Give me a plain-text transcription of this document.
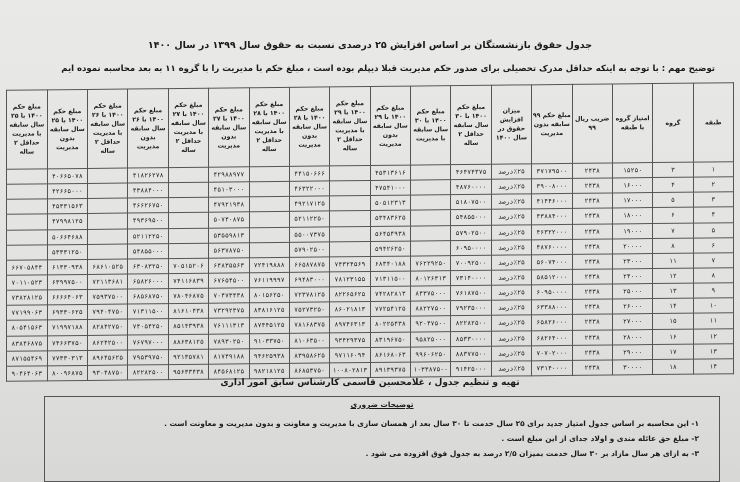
جدول حقوق بازنشستگان بر اساس افزایش ۲۵ درصدی نسبت به حقوق سال ۱۳۹۹ در سال ۱۴۰۰
توضیح مهم : با توجه به اینکه حداقل مدرک تحصیلی برای صدور حکم مدیریت قبلا دیپلم بوده است ، مبلغ حکم با مدیریت را با گروه ۱۱ به بعد محاسبه نموده ایم
طبقه	گروه	امتیاز گروه یا طبقه	ضریب ریال ۹۹	مبلغ حکم ۹۹ سابقه بدون مدیریت	میزان افزایش حقوق در سال ۱۴۰۰	مبلغ حکم ۱۴۰۰ با ۳۰ سال سابقه حداقل ۲ ساله	مبلغ حکم ۱۴۰۰ با ۳۰ سال سابقه با مدیریت	مبلغ حکم ۱۴۰۰ با ۲۹ سال سابقه بدون مدیریت	مبلغ حکم ۱۴۰۰ با ۲۹ سال سابقه با مدیریت حداقل ۲ ساله	مبلغ حکم ۱۴۰۰ با ۲۸ سال سابقه بدون مدیریت	مبلغ حکم ۱۴۰۰ با ۲۸ سال سابقه با مدیریت حداقل ۲ ساله	مبلغ حکم ۱۴۰۰ با ۲۷ سال سابقه بدون مدیریت	مبلغ حکم ۱۴۰۰ با ۲۷ سال سابقه با مدیریت حداقل ۲ ساله	مبلغ حکم ۱۴۰۰ با ۲۶ سال سابقه بدون مدیریت	مبلغ حکم ۱۴۰۰ با ۲۶ سال سابقه با مدیریت حداقل ۲ ساله	مبلغ حکم ۱۴۰۰ با ۲۵ سال سابقه بدون مدیریت	مبلغ حکم ۱۴۰۰ با ۲۵ سال سابقه با مدیریت حداقل ۲ ساله
۱	۳	۱۵۲۵۰	۲۴۳۸	۳۷۱۷۹۵۰۰	٪۲۵درصد	۴۶۴۷۴۳۷۵		۴۵۳۱۳۶۱۶		۴۴۱۵۰۶۶۶		۴۲۹۸۸۹۷۷		۴۱۸۲۶۲۷۸		۴۰۶۶۵۰۷۸	
۲	۴	۱۶۰۰۰	۲۴۳۸	۳۹۰۰۸۰۰۰	٪۲۵درصد	۴۸۷۶۰۰۰۰		۴۷۵۴۱۰۰۰		۴۶۳۲۲۰۰۰		۴۵۱۰۳۰۰۰		۴۳۸۸۴۰۰۰		۴۲۶۶۵۰۰۰	
۳	۵	۱۷۰۰۰	۲۴۳۸	۴۱۴۴۶۰۰۰	٪۲۵درصد	۵۱۸۰۷۵۰۰		۵۰۵۱۲۳۱۳		۴۹۲۱۷۱۲۵		۴۷۹۲۱۹۳۸		۴۶۶۲۶۷۵۰		۴۵۳۳۱۵۶۳	
۴	۶	۱۸۰۰۰	۲۴۳۸	۴۳۸۸۴۰۰۰	٪۲۵درصد	۵۴۸۵۵۰۰۰		۵۳۴۸۳۶۲۵		۵۲۱۱۲۲۵۰		۵۰۷۴۰۸۷۵		۴۹۳۶۹۵۰۰		۴۷۹۹۸۱۲۵	
۵	۷	۱۹۰۰۰	۲۴۳۸	۴۶۳۲۲۰۰۰	٪۲۵درصد	۵۷۹۰۲۵۰۰		۵۶۴۵۴۹۳۸		۵۵۰۰۷۳۷۵		۵۳۵۵۹۸۱۳		۵۲۱۱۲۲۵۰		۵۰۶۶۴۶۸۸	
۶	۸	۲۰۰۰۰	۲۴۳۸	۴۸۷۶۰۰۰۰	٪۲۵درصد	۶۰۹۵۰۰۰۰		۵۹۴۲۶۲۵۰		۵۷۹۰۲۵۰۰		۵۶۳۷۸۷۵۰		۵۴۸۵۵۰۰۰		۵۳۳۳۱۲۵۰	
۷	۱۱	۲۳۰۰۰	۲۴۳۸	۵۶۰۷۴۰۰۰	٪۲۵درصد	۷۰۰۹۲۵۰۰	۷۶۲۲۹۲۵۰	۶۸۳۴۰۱۸۸	۷۴۳۲۴۵۶۹	۶۶۵۸۷۸۷۵	۷۲۴۱۹۸۸۸	۶۴۸۳۵۵۶۳	۷۰۵۱۵۲۰۶	۶۳۰۸۳۲۵۰	۶۸۶۱۰۵۲۵	۶۱۳۳۰۹۳۸	۶۶۷۰۵۸۴۴
۸	۱۲	۲۴۰۰۰	۲۴۳۸	۵۸۵۱۲۰۰۰	٪۲۵درصد	۷۳۱۴۰۰۰۰	۸۰۱۲۶۳۱۳	۷۱۳۱۱۵۰۰	۷۸۱۲۳۱۵۵	۶۹۴۸۳۰۰۰	۷۶۱۱۹۹۹۷	۶۷۶۵۴۵۰۰	۷۴۱۱۶۸۳۹	۶۵۸۲۶۰۰۰	۷۲۱۱۳۶۸۱	۶۳۹۹۷۵۰۰	۷۰۱۱۰۵۲۳
۹	۱۳	۲۵۰۰۰	۲۴۳۸	۶۰۹۵۰۰۰۰	٪۲۵درصد	۷۶۱۸۷۵۰۰	۸۴۳۷۵۰۰۰	۷۴۲۸۲۸۱۳	۸۲۲۶۵۶۲۵	۷۲۳۷۸۱۲۵	۸۰۱۵۶۲۵۰	۷۰۴۷۳۴۳۸	۷۸۰۴۶۸۷۵	۶۸۵۶۸۷۵۰	۷۵۹۳۷۵۰۰	۶۶۶۶۴۰۶۳	۷۳۸۲۸۱۲۵
۱۰	۱۴	۲۶۰۰۰	۲۴۳۸	۶۳۳۸۸۰۰۰	٪۲۵درصد	۷۹۲۳۵۰۰۰	۸۸۲۲۷۵۰۰	۷۷۲۵۴۱۲۵	۸۶۰۲۱۸۱۳	۷۵۲۷۳۲۵۰	۸۳۸۱۶۱۲۵	۷۳۲۹۲۳۷۵	۸۱۶۱۰۴۳۸	۷۱۳۱۱۵۰۰	۷۹۴۰۴۷۵۰	۶۹۳۳۰۶۲۵	۷۷۱۹۹۰۶۳
۱۱	۱۵	۲۷۰۰۰	۲۴۳۸	۶۵۸۲۶۰۰۰	٪۲۵درصد	۸۲۲۸۲۵۰۰	۹۲۰۴۷۵۰۰	۸۰۲۲۵۴۳۸	۸۹۷۴۶۳۱۳	۷۸۱۶۸۳۷۵	۸۷۴۴۵۱۲۵	۷۶۱۱۱۳۱۳	۸۵۱۴۳۹۳۸	۷۴۰۵۴۲۵۰	۸۲۸۴۲۷۵۰	۷۱۹۹۷۱۸۸	۸۰۵۴۱۵۶۳
۱۲	۱۶	۲۸۰۰۰	۲۴۳۸	۶۸۲۶۴۰۰۰	٪۲۵درصد	۸۵۳۳۰۰۰۰	۹۵۸۲۵۰۰۰	۸۳۱۹۶۷۵۰	۹۳۴۲۹۳۷۵	۸۱۰۶۳۵۰۰	۹۱۰۳۳۷۵۰	۷۸۹۳۰۲۵۰	۸۸۶۳۸۱۲۵	۷۶۷۹۷۰۰۰	۸۶۲۴۲۵۰۰	۷۴۶۶۳۷۵۰	۸۳۸۴۶۸۷۵
۱۳	۱۷	۲۹۰۰۰	۲۴۳۸	۷۰۷۰۲۰۰۰	٪۲۵درصد	۸۸۳۷۷۵۰۰	۹۹۶۰۶۲۵۰	۸۶۱۶۸۰۶۳	۹۷۱۱۶۰۹۴	۸۳۹۵۸۶۲۵	۹۴۶۲۵۹۳۸	۸۱۷۴۹۱۸۸	۹۲۱۳۵۷۸۱	۷۹۵۳۹۷۵۰	۸۹۶۴۵۶۲۵	۷۷۳۳۰۳۱۳	۸۷۱۵۵۴۶۹
۱۴	۱۸	۳۰۰۰۰	۲۴۳۸	۷۳۱۴۰۰۰۰	٪۲۵درصد	۹۱۴۲۵۰۰۰	۱۰۳۳۸۷۵۰۰	۸۹۱۳۹۳۷۵	۱۰۰۸۰۲۸۱۳	۸۶۸۵۳۷۵۰	۹۸۲۱۸۱۲۵	۸۴۵۶۸۱۲۵	۹۵۶۳۳۴۳۸	۸۲۲۸۲۵۰۰	۹۳۰۴۸۷۵۰	۸۰۰۹۶۸۷۵	۹۰۴۶۴۰۶۳
تهیه و تنظیم جدول ، غلامحسین قاسمی کارشناس سابق امور اداری
توضیحات ضروری
۱- این محاسبه بر اساس جدول امتیاز جدید برای ۲۵ سال خدمت تا ۳۰ سال بعد از همسان سازی با مدیریت و معاونت و بدون مدیریت و معاونت است .
۲- مبلغ حق عائله مندی و اولاد جدای از این مبلغ است .
۳- به ازای هر سال مازاد بر ۳۰ سال خدمت بمیزان ۲/۵ درصد به جدول فوق افزوده می شود .
